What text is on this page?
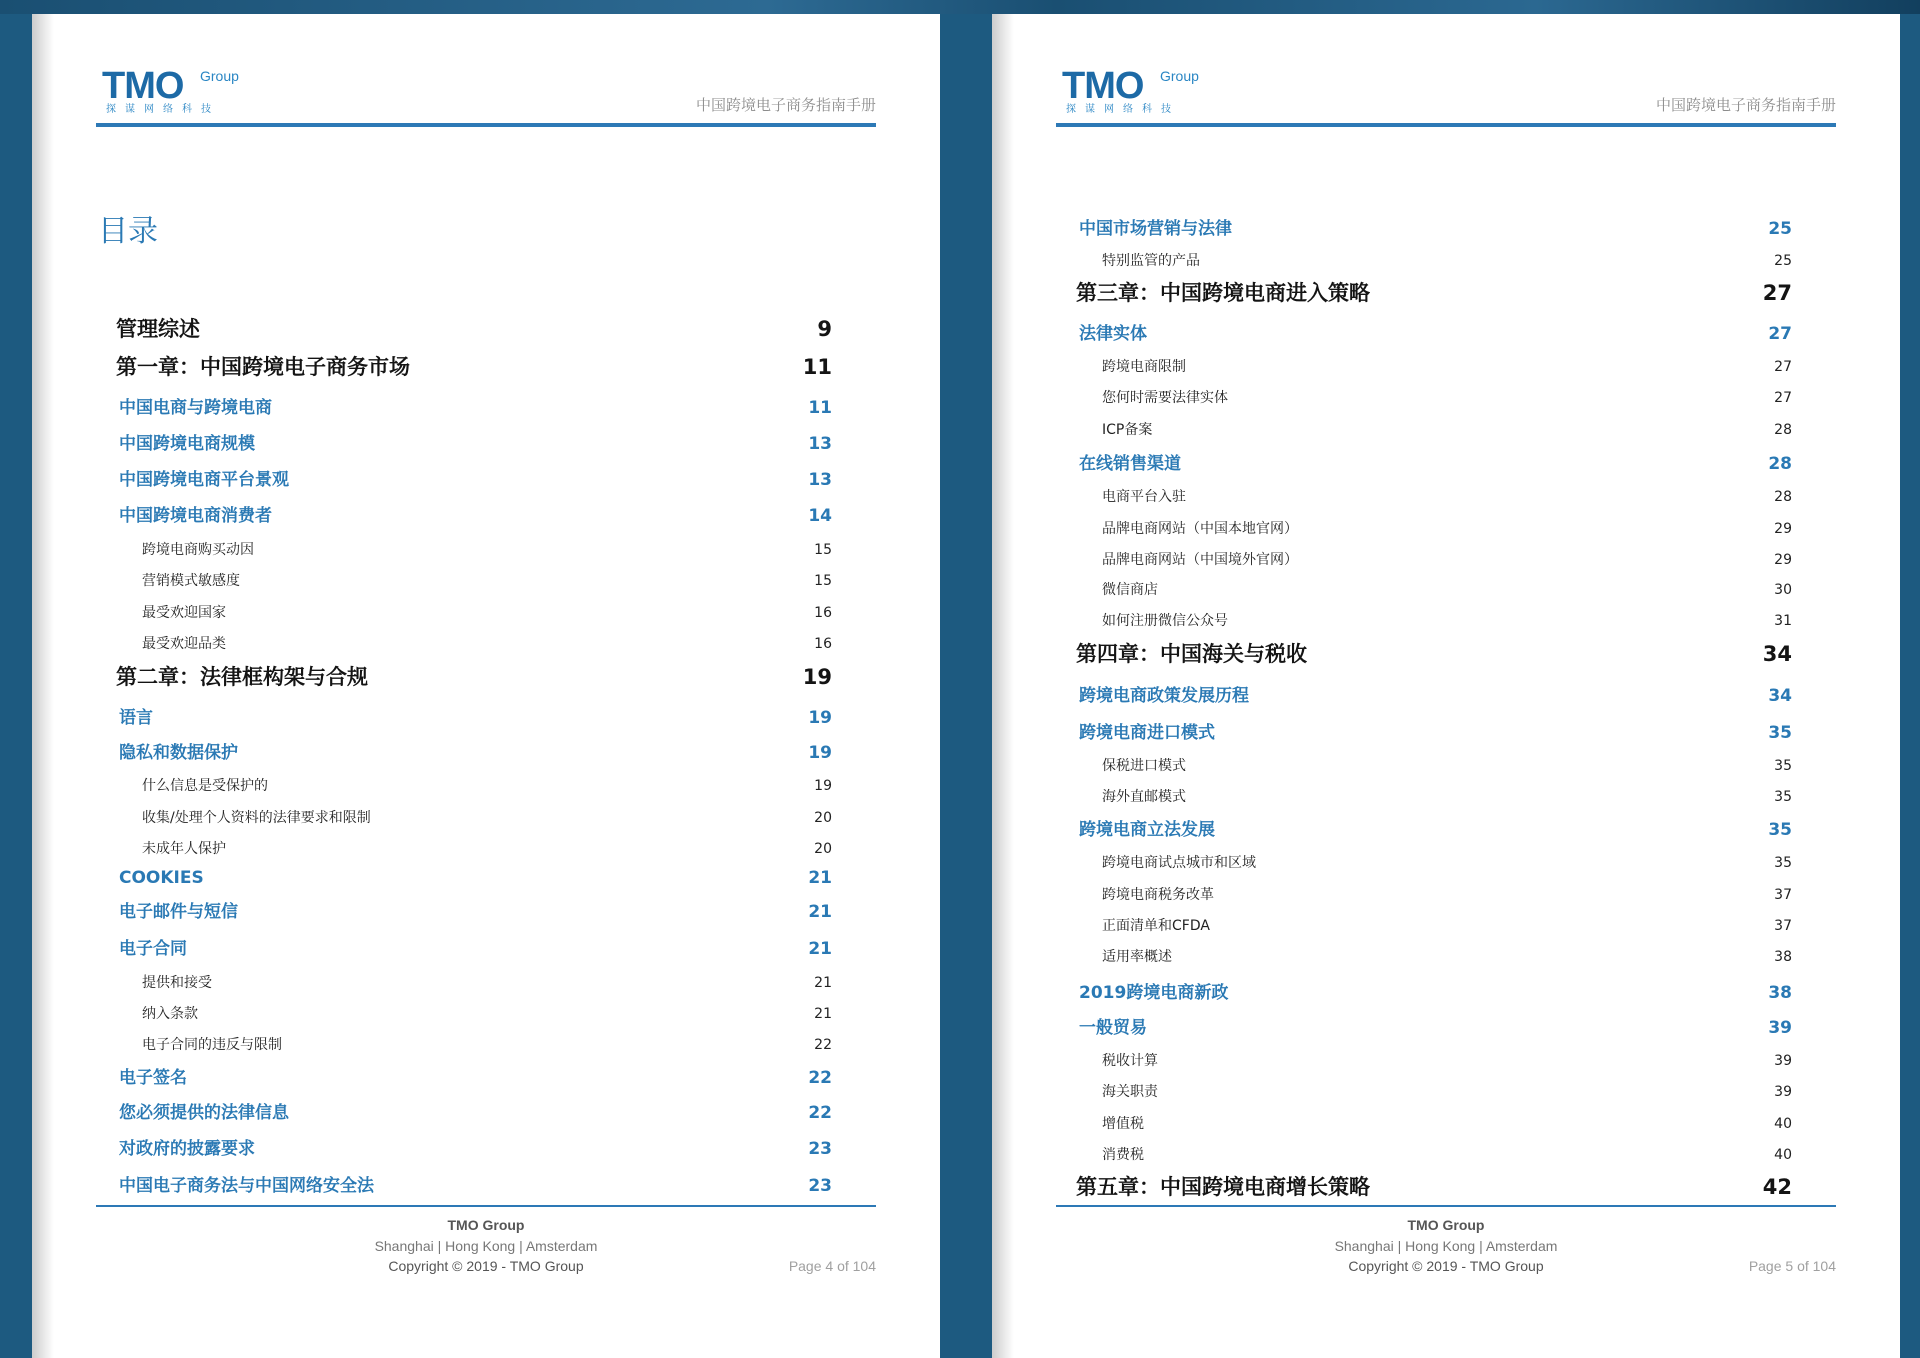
TMO Group
探谋网络科技	中国跨境电子商务指南手册
目录
管理综述	9
第一章：中国跨境电子商务市场	11
中国电商与跨境电商	11
中国跨境电商规模	13
中国跨境电商平台景观	13
中国跨境电商消费者	14
跨境电商购买动因	15
营销模式敏感度	15
最受欢迎国家	16
最受欢迎品类	16
第二章：法律框构架与合规	19
语言	19
隐私和数据保护	19
什么信息是受保护的	19
收集/处理个人资料的法律要求和限制	20
未成年人保护	20
COOKIES	21
电子邮件与短信	21
电子合同	21
提供和接受	21
纳入条款	21
电子合同的违反与限制	22
电子签名	22
您必须提供的法律信息	22
对政府的披露要求	23
中国电子商务法与中国网络安全法	23
TMO Group
Shanghai | Hong Kong | Amsterdam
Copyright © 2019 - TMO Group	Page 4 of 104
TMO Group
探谋网络科技	中国跨境电子商务指南手册
中国市场营销与法律	25
特别监管的产品	25
第三章：中国跨境电商进入策略	27
法律实体	27
跨境电商限制	27
您何时需要法律实体	27
ICP备案	28
在线销售渠道	28
电商平台入驻	28
品牌电商网站（中国本地官网）	29
品牌电商网站（中国境外官网）	29
微信商店	30
如何注册微信公众号	31
第四章：中国海关与税收	34
跨境电商政策发展历程	34
跨境电商进口模式	35
保税进口模式	35
海外直邮模式	35
跨境电商立法发展	35
跨境电商试点城市和区域	35
跨境电商税务改革	37
正面清单和CFDA	37
适用率概述	38
2019跨境电商新政	38
一般贸易	39
税收计算	39
海关职责	39
增值税	40
消费税	40
第五章：中国跨境电商增长策略	42
TMO Group
Shanghai | Hong Kong | Amsterdam
Copyright © 2019 - TMO Group	Page 5 of 104
